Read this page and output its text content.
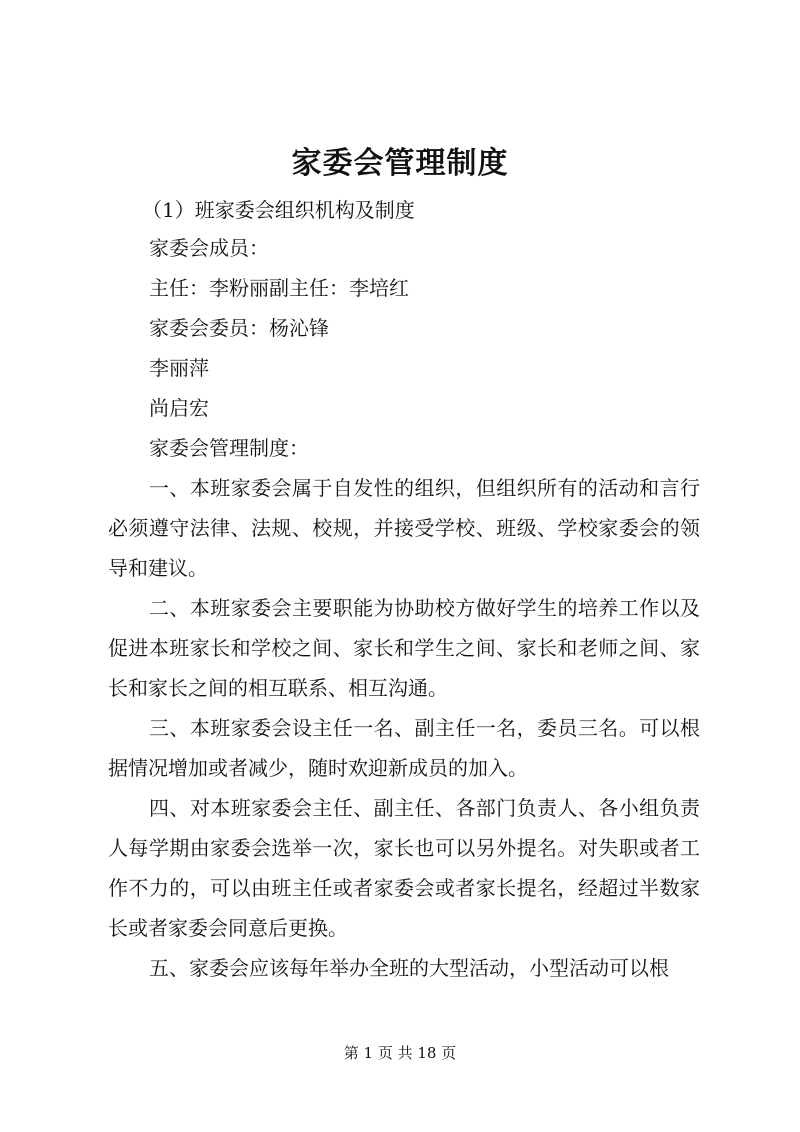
家委会管理制度

（1）班家委会组织机构及制度

家委会成员：

主任：李粉丽副主任：李培红

家委会委员：杨沁锋

李丽萍

尚启宏

家委会管理制度：

一、本班家委会属于自发性的组织，但组织所有的活动和言行必须遵守法律、法规、校规，并接受学校、班级、学校家委会的领导和建议。

二、本班家委会主要职能为协助校方做好学生的培养工作以及促进本班家长和学校之间、家长和学生之间、家长和老师之间、家长和家长之间的相互联系、相互沟通。

三、本班家委会设主任一名、副主任一名，委员三名。可以根据情况增加或者减少，随时欢迎新成员的加入。

四、对本班家委会主任、副主任、各部门负责人、各小组负责人每学期由家委会选举一次，家长也可以另外提名。对失职或者工作不力的，可以由班主任或者家委会或者家长提名，经超过半数家长或者家委会同意后更换。

五、家委会应该每年举办全班的大型活动，小型活动可以根

第 1 页 共 18 页
